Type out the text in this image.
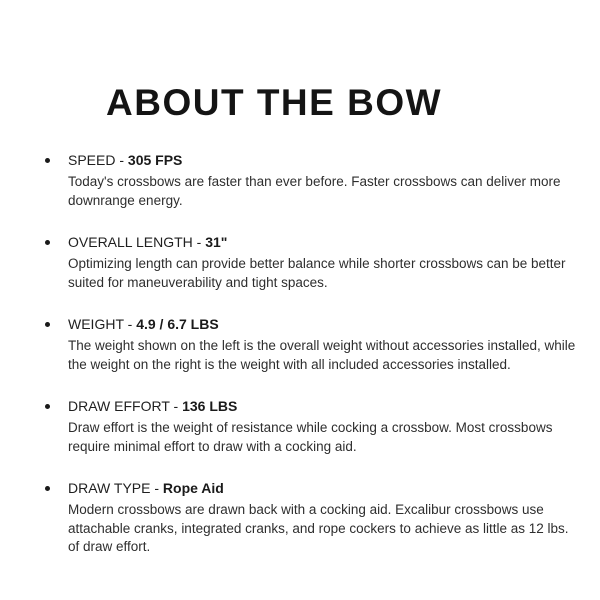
ABOUT THE BOW
SPEED - 305 FPS
Today's crossbows are faster than ever before. Faster crossbows can deliver more downrange energy.
OVERALL LENGTH - 31"
Optimizing length can provide better balance while shorter crossbows can be better suited for maneuverability and tight spaces.
WEIGHT - 4.9 / 6.7 LBS
The weight shown on the left is the overall weight without accessories installed, while the weight on the right is the weight with all included accessories installed.
DRAW EFFORT - 136 LBS
Draw effort is the weight of resistance while cocking a crossbow. Most crossbows require minimal effort to draw with a cocking aid.
DRAW TYPE - Rope Aid
Modern crossbows are drawn back with a cocking aid. Excalibur crossbows use attachable cranks, integrated cranks, and rope cockers to achieve as little as 12 lbs. of draw effort.
